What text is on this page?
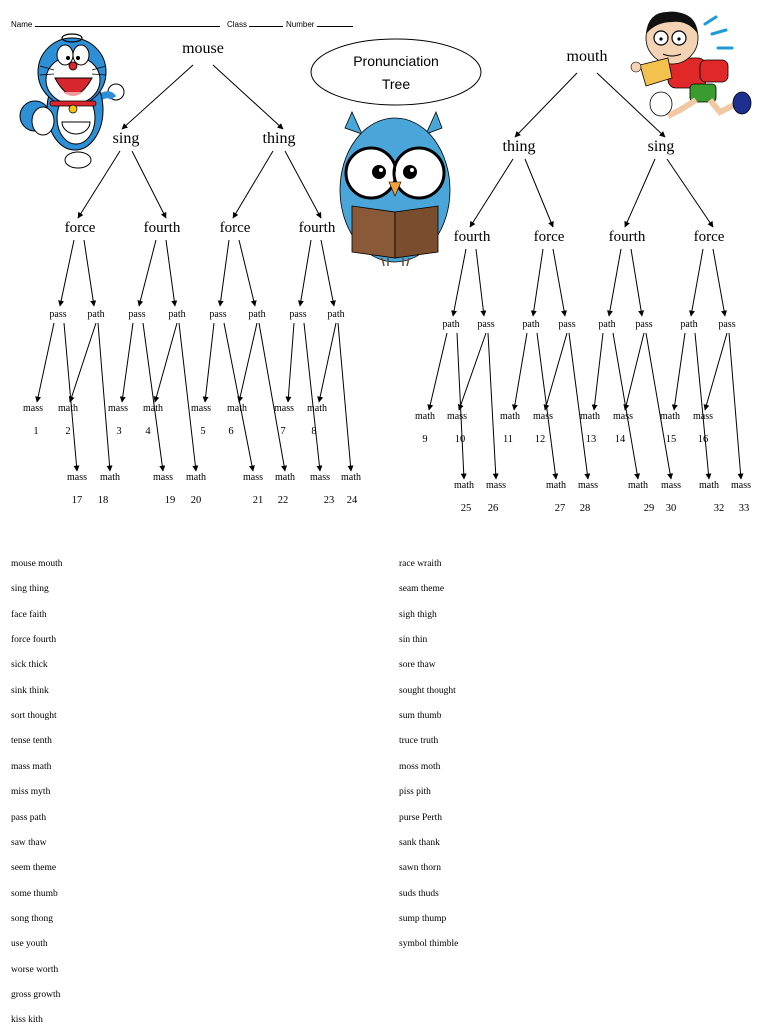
Name	Class	Number
Pronunciation
Tree
mouse
sing	thing
force	fourth	force	fourth
pass path pass path pass path pass path
mass
1
mass
17
math
2
math
18
mass
3
mass
19
math
4
math
20
mass
5
mass
21
math
6
math
22
mass
7
mass
23
math
8
math
24
mouth
thing	sing
fourth	force	fourth	force
path pass	path pass path pass	path pass
math
9
math
25
mass
10
mass
26
math
11
math
27
mass
12
mass
28
math
13
math
29
mass
14
mass
30
math
15
math
32
mass
16
mass
33
mouse mouth
sing thing
face faith
force fourth
sick thick
sink think
sort thought
tense tenth
mass math
miss myth
pass path
saw thaw
seem theme
some thumb
song thong
use youth
worse worth
gross growth
kiss kith
race wraith
seam theme
sigh thigh
sin thin
sore thaw
sought thought
sum thumb
truce truth
moss moth
piss pith
purse Perth
sank thank
sawn thorn
suds thuds
sump thump
symbol thimble
